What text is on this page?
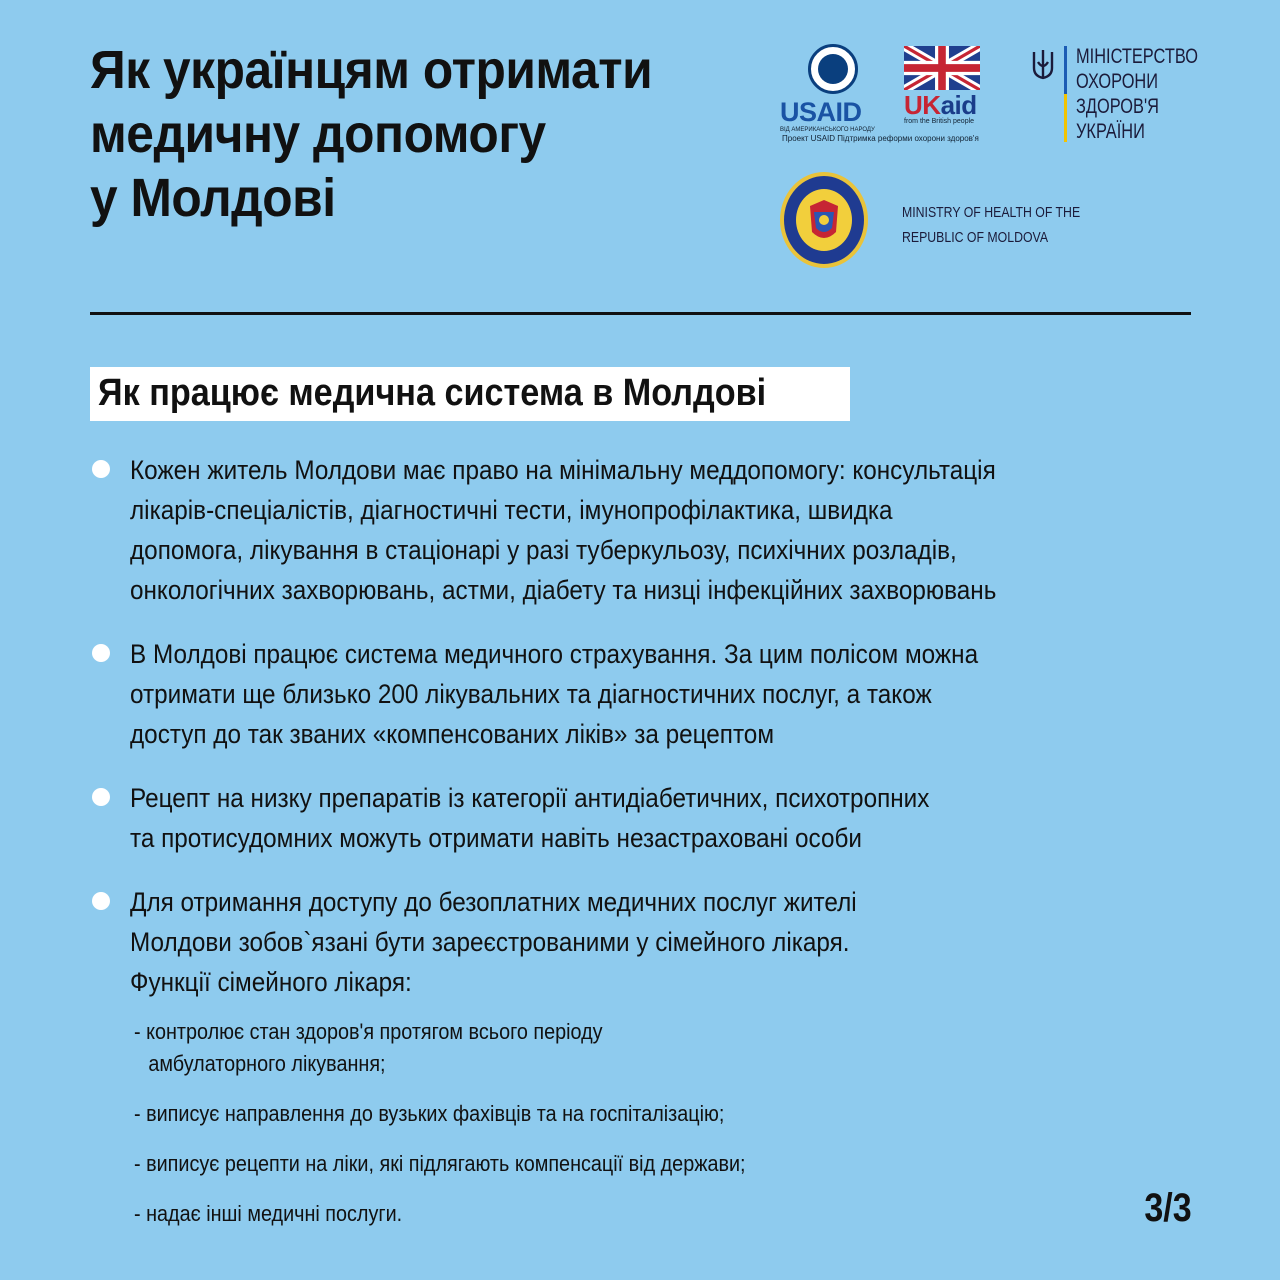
Як українцям отримати
медичну допомогу
у Молдові
USAID
ВІД АМЕРИКАНСЬКОГО НАРОДУ
UKaid
from the British people
Проект USAID Підтримка реформи охорони здоров'я
МІНІСТЕРСТВО
ОХОРОНИ
ЗДОРОВ'Я
УКРАЇНИ
MINISTRY OF HEALTH OF THE
REPUBLIC OF MOLDOVA
Як працює медична система в Молдові
Кожен житель Молдови має право на мінімальну меддопомогу: консультація
лікарів-спеціалістів, діагностичні тести, імунопрофілактика, швидка
допомога, лікування в стаціонарі у разі туберкульозу, психічних розладів,
онкологічних захворювань, астми, діабету та низці інфекційних захворювань
В Молдові працює система медичного страхування. За цим полісом можна
отримати ще близько 200 лікувальних та діагностичних послуг, а також
доступ до так званих «компенсованих ліків» за рецептом
Рецепт на низку препаратів із категорії антидіабетичних, психотропних
та протисудомних можуть отримати навіть незастраховані особи
Для отримання доступу до безоплатних медичних послуг жителі
Молдови зобов`язані бути зареєстрованими у сімейного лікаря.
Функції сімейного лікаря:
- контролює стан здоров'я протягом всього періоду
амбулаторного лікування;
- виписує направлення до вузьких фахівців та на госпіталізацію;
- виписує рецепти на ліки, які підлягають компенсації від держави;
- надає інші медичні послуги.	3/3
